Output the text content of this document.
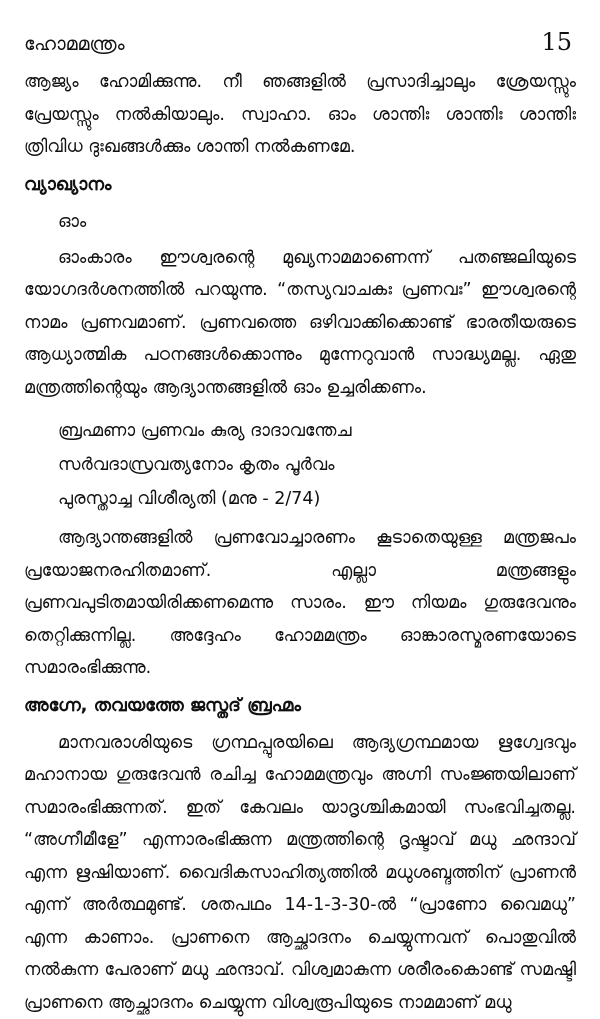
ഹോമമന്ത്രം	15

ആജ്യം ഹോമിക്കുന്നു. നീ ഞങ്ങളിൽ പ്രസാദിച്ചാലും ശ്രേയസ്സും പ്രേയസ്സും നൽകിയാലും. സ്വാഹാ. ഓം ശാന്തിഃ ശാന്തിഃ ശാന്തിഃ ത്രിവിധ ദുഃഖങ്ങൾക്കും ശാന്തി നൽകണമേ.

വ്യാഖ്യാനം
ഓം

ഓംകാരം ഈശ്വരന്റെ മുഖ്യനാമമാണെന്ന് പതഞ്ജലിയുടെ യോഗദർശനത്തിൽ പറയുന്നു. “തസ്യവാചകഃ പ്രണവഃ” ഈശ്വരന്റെ നാമം പ്രണവമാണ്. പ്രണവത്തെ ഒഴിവാക്കിക്കൊണ്ട് ഭാരതീയരുടെ ആധ്യാത്മിക പഠനങ്ങൾക്കൊന്നും മുന്നേറുവാൻ സാദ്ധ്യമല്ല. ഏതു മന്ത്രത്തിന്റെയും ആദ്യാന്തങ്ങളിൽ ഓം ഉച്ചരിക്കണം.

ബ്രഹ്മണാ പ്രണവം കുര്യ ദാദാവന്തേച
സർവദാസ്രവത്യനോം കൃതം പൂർവം
പുരസ്താച്ച വിശീര്യതി (മനു - 2/74)

ആദ്യാന്തങ്ങളിൽ പ്രണവോച്ചാരണം കൂടാതെയുള്ള മന്ത്രജപം പ്രയോജനരഹിതമാണ്. എല്ലാ മന്ത്രങ്ങളും പ്രണവപുടിതമായിരിക്കണമെന്നു സാരം. ഈ നിയമം ഗുരുദേവനും തെറ്റിക്കുന്നില്ല. അദ്ദേഹം ഹോമമന്ത്രം ഓങ്കാരസ്മരണയോടെ സമാരംഭിക്കുന്നു.

അഗ്നേ, തവയത്തേ ജസ്തദ് ബ്രഹ്മം

മാനവരാശിയുടെ ഗ്രന്ഥപ്പുരയിലെ ആദ്യഗ്രന്ഥമായ ഋഗ്വേദവും മഹാനായ ഗുരുദേവൻ രചിച്ച ഹോമമന്ത്രവും അഗ്നി സംജ്ഞയിലാണ് സമാരംഭിക്കുന്നത്. ഇത് കേവലം യാദൃശ്ചികമായി സംഭവിച്ചതല്ല. “അഗ്നീമീളേ” എന്നാരംഭിക്കുന്ന മന്ത്രത്തിന്റെ ദൃഷ്ടാവ് മധു ഛന്ദാവ് എന്ന ഋഷിയാണ്. വൈദികസാഹിത്യത്തിൽ മധുശബ്ദത്തിന് പ്രാണൻ എന്ന് അർത്ഥമുണ്ട്. ശതപഥം 14-1-3-30-ൽ “പ്രാണോ വൈമധു” എന്ന കാണാം. പ്രാണനെ ആച്ഛാദനം ചെയ്യുന്നവന് പൊതുവിൽ നൽകുന്ന പേരാണ് മധു ഛന്ദാവ്. വിശ്വമാകുന്ന ശരീരംകൊണ്ട് സമഷ്ടി പ്രാണനെ ആച്ഛാദനം ചെയ്യുന്ന വിശ്വരൂപിയുടെ നാമമാണ് മധു
